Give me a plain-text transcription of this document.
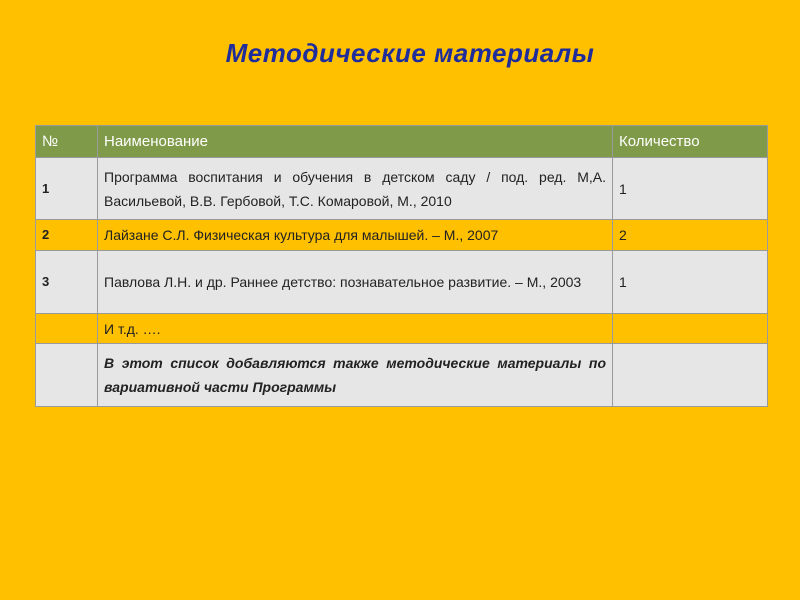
Методические материалы
№	Наименование	Количество
1	Программа воспитания и обучения в детском саду / под. ред. М,А. Васильевой, В.В. Гербовой, Т.С. Комаровой, М., 2010	1
2	Лайзане С.Л. Физическая культура для малышей. – М., 2007	2
3	Павлова Л.Н. и др. Раннее детство: познавательное развитие. – М., 2003	1
	И т.д. ….	
	В этот список добавляются также методические материалы по вариативной части Программы	
